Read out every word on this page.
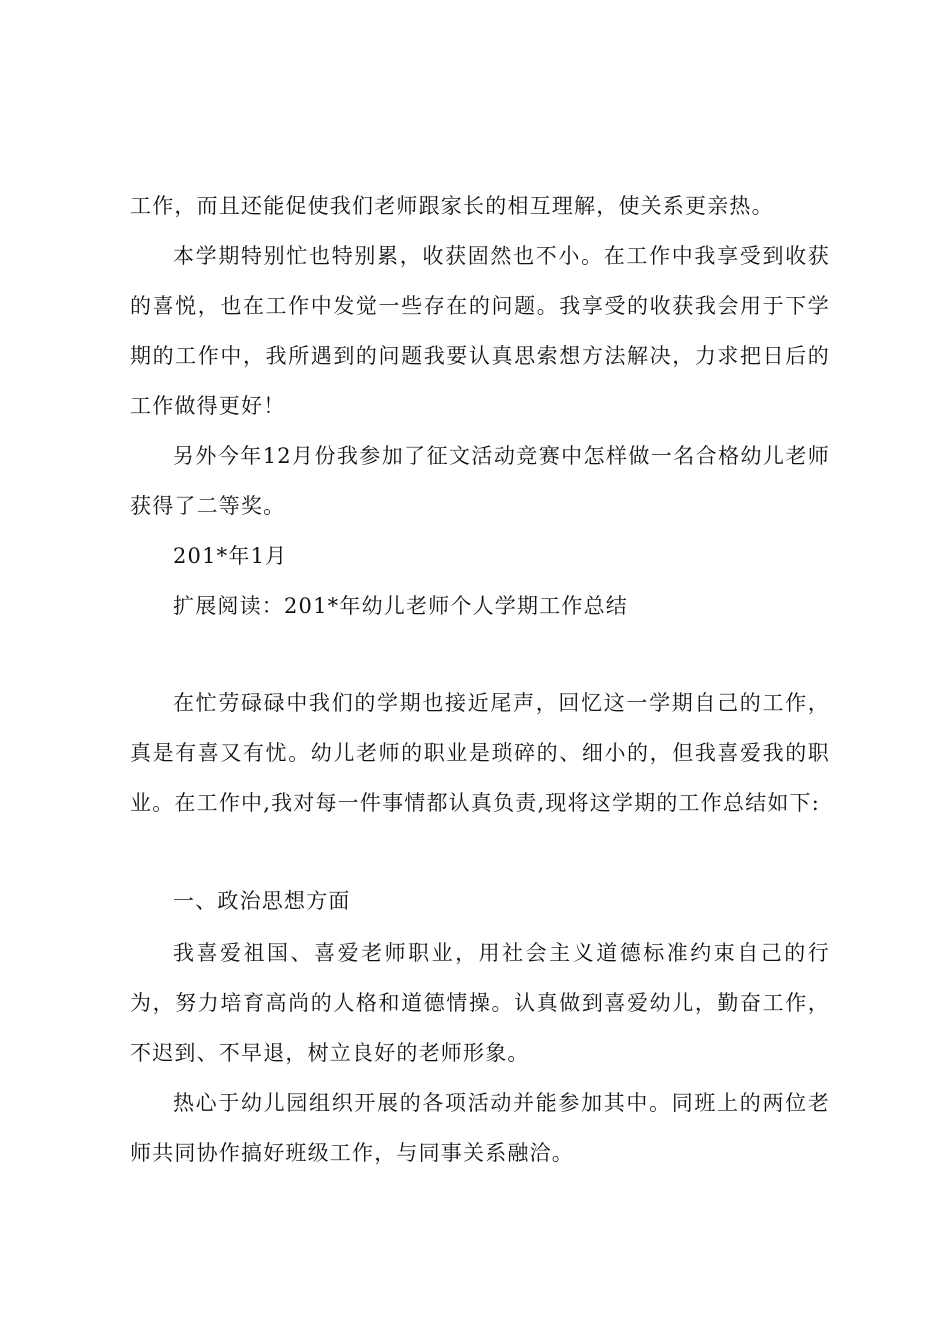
工作，而且还能促使我们老师跟家长的相互理解，使关系更亲热。
本学期特别忙也特别累，收获固然也不小。在工作中我享受到收获
的喜悦，也在工作中发觉一些存在的问题。我享受的收获我会用于下学
期的工作中，我所遇到的问题我要认真思索想方法解决，力求把日后的
工作做得更好！
另外今年12月份我参加了征文活动竞赛中怎样做一名合格幼儿老师
获得了二等奖。
201*年1月
扩展阅读：201*年幼儿老师个人学期工作总结
在忙劳碌碌中我们的学期也接近尾声，回忆这一学期自己的工作，
真是有喜又有忧。幼儿老师的职业是琐碎的、细小的，但我喜爱我的职
业。在工作中,我对每一件事情都认真负责,现将这学期的工作总结如下:
一、政治思想方面
我喜爱祖国、喜爱老师职业，用社会主义道德标准约束自己的行
为，努力培育高尚的人格和道德情操。认真做到喜爱幼儿，勤奋工作，
不迟到、不早退，树立良好的老师形象。
热心于幼儿园组织开展的各项活动并能参加其中。同班上的两位老
师共同协作搞好班级工作，与同事关系融洽。
